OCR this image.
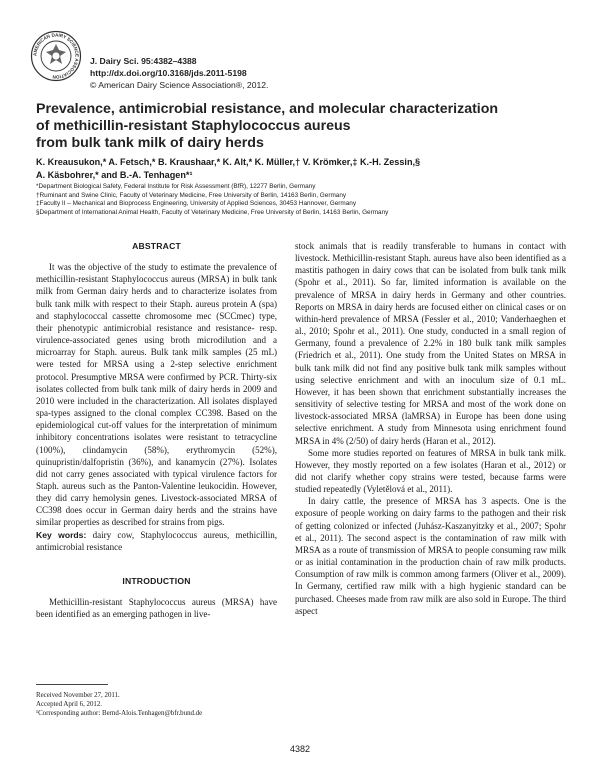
AMERICAN DAIRY SCIENCE ASSOCIATION
J. Dairy Sci. 95:4382–4388
http://dx.doi.org/10.3168/jds.2011-5198
© American Dairy Science Association®, 2012.
Prevalence, antimicrobial resistance, and molecular characterization
of methicillin-resistant Staphylococcus aureus
from bulk tank milk of dairy herds
K. Kreausukon,* A. Fetsch,* B. Kraushaar,* K. Alt,* K. Müller,† V. Krömker,‡ K.-H. Zessin,§
A. Käsbohrer,* and B.-A. Tenhagen*¹
*Department Biological Safety, Federal Institute for Risk Assessment (BfR), 12277 Berlin, Germany
†Ruminant and Swine Clinic, Faculty of Veterinary Medicine, Free University of Berlin, 14163 Berlin, Germany
‡Faculty II – Mechanical and Bioprocess Engineering, University of Applied Sciences, 30453 Hannover, Germany
§Department of International Animal Health, Faculty of Veterinary Medicine, Free University of Berlin, 14163 Berlin, Germany
ABSTRACT

It was the objective of the study to estimate the prevalence of methicillin-resistant Staphylococcus aureus (MRSA) in bulk tank milk from German dairy herds and to characterize isolates from bulk tank milk with respect to their Staph. aureus protein A (spa) and staphylococcal cassette chromosome mec (SCCmec) type, their phenotypic antimicrobial resistance and resistance- resp. virulence-associated genes using broth microdilution and a microarray for Staph. aureus. Bulk tank milk samples (25 mL) were tested for MRSA using a 2-step selective enrichment protocol. Presumptive MRSA were confirmed by PCR. Thirty-six isolates collected from bulk tank milk of dairy herds in 2009 and 2010 were included in the characterization. All isolates displayed spa-types assigned to the clonal complex CC398. Based on the epidemiological cut-off values for the interpretation of minimum inhibitory concentrations isolates were resistant to tetracycline (100%), clindamycin (58%), erythromycin (52%), quinupristin/dalfopristin (36%), and kanamycin (27%). Isolates did not carry genes associated with typical virulence factors for Staph. aureus such as the Panton-Valentine leukocidin. However, they did carry hemolysin genes. Livestock-associated MRSA of CC398 does occur in German dairy herds and the strains have similar properties as described for strains from pigs.

Key words: dairy cow, Staphylococcus aureus, methicillin, antimicrobial resistance

INTRODUCTION

Methicillin-resistant Staphylococcus aureus (MRSA) have been identified as an emerging pathogen in live-

stock animals that is readily transferable to humans in contact with livestock. Methicillin-resistant Staph. aureus have also been identified as a mastitis pathogen in dairy cows that can be isolated from bulk tank milk (Spohr et al., 2011). So far, limited information is available on the prevalence of MRSA in dairy herds in Germany and other countries. Reports on MRSA in dairy herds are focused either on clinical cases or on within-herd prevalence of MRSA (Fessler et al., 2010; Vanderhaeghen et al., 2010; Spohr et al., 2011). One study, conducted in a small region of Germany, found a prevalence of 2.2% in 180 bulk tank milk samples (Friedrich et al., 2011). One study from the United States on MRSA in bulk tank milk did not find any positive bulk tank milk samples without using selective enrichment and with an inoculum size of 0.1 mL. However, it has been shown that enrichment substantially increases the sensitivity of selective testing for MRSA and most of the work done on livestock-associated MRSA (laMRSA) in Europe has been done using selective enrichment. A study from Minnesota using enrichment found MRSA in 4% (2/50) of dairy herds (Haran et al., 2012).

Some more studies reported on features of MRSA in bulk tank milk. However, they mostly reported on a few isolates (Haran et al., 2012) or did not clarify whether copy strains were tested, because farms were studied repeatedly (Vyletělová et al., 2011).

In dairy cattle, the presence of MRSA has 3 aspects. One is the exposure of people working on dairy farms to the pathogen and their risk of getting colonized or infected (Juhász-Kaszanyitzky et al., 2007; Spohr et al., 2011). The second aspect is the contamination of raw milk with MRSA as a route of transmission of MRSA to people consuming raw milk or as initial contamination in the production chain of raw milk products. Consumption of raw milk is common among farmers (Oliver et al., 2009). In Germany, certified raw milk with a high hygienic standard can be purchased. Cheeses made from raw milk are also sold in Europe. The third aspect

Received November 27, 2011.
Accepted April 6, 2012.
¹Corresponding author: Bernd-Alois.Tenhagen@bfr.bund.de
4382
